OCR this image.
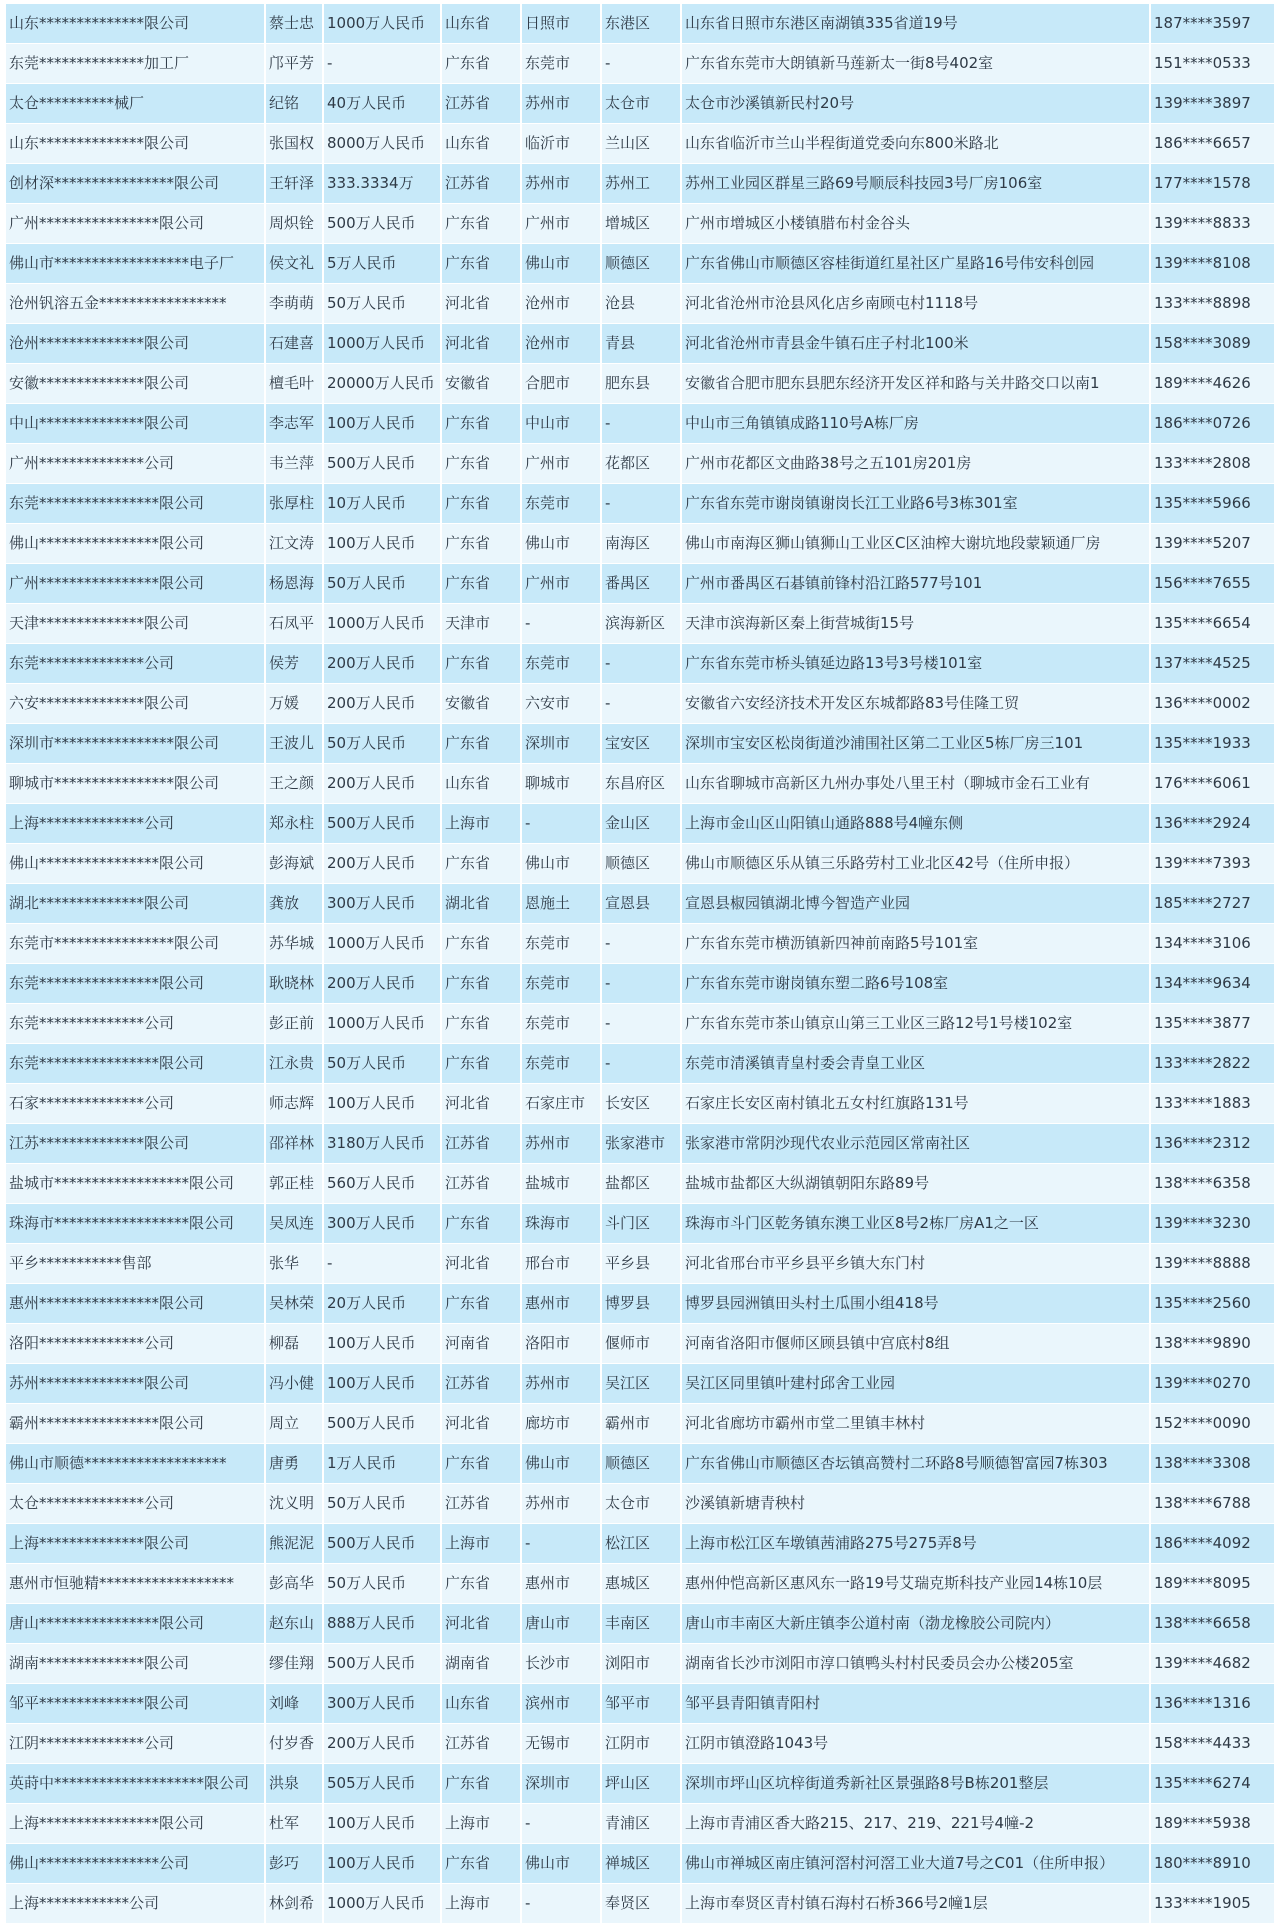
山东**************限公司	蔡士忠 1000万人民币	山东省	日照市	东港区	山东省日照市东港区南湖镇335省道19号	187****3597
东莞**************加工厂	邝平芳 -	广东省	东莞市	-	广东省东莞市大朗镇新马莲新太一街8号402室	151****0533
太仓**********械厂	纪铭	40万人民币	江苏省	苏州市	太仓市	太仓市沙溪镇新民村20号	139****3897
山东**************限公司	张国权 8000万人民币	山东省	临沂市	兰山区	山东省临沂市兰山半程街道党委向东800米路北	186****6657
创材深****************限公司	王轩泽 333.3334万	江苏省	苏州市	苏州工	苏州工业园区群星三路69号顺辰科技园3号厂房106室	177****1578
广州****************限公司	周炽铨 500万人民币	广东省	广州市	增城区	广州市增城区小楼镇腊布村金谷头	139****8833
佛山市******************电子厂	侯文礼 5万人民币	广东省	佛山市	顺德区	广东省佛山市顺德区容桂街道红星社区广星路16号伟安科创园	139****8108
沧州钒溶五金*****************	李萌萌 50万人民币	河北省	沧州市	沧县	河北省沧州市沧县风化店乡南顾屯村1118号	133****8898
沧州**************限公司	石建喜 1000万人民币	河北省	沧州市	青县	河北省沧州市青县金牛镇石庄子村北100米	158****3089
安徽**************限公司	檀毛叶 20000万人民币 安徽省	合肥市	肥东县	安徽省合肥市肥东县肥东经济开发区祥和路与关井路交口以南1	189****4626
中山**************限公司	李志军 100万人民币	广东省	中山市	-	中山市三角镇镇成路110号A栋厂房	186****0726
广州**************公司	韦兰萍 500万人民币	广东省	广州市	花都区	广州市花都区文曲路38号之五101房201房	133****2808
东莞****************限公司	张厚柱 10万人民币	广东省	东莞市	-	广东省东莞市谢岗镇谢岗长江工业路6号3栋301室	135****5966
佛山****************限公司	江文涛 100万人民币	广东省	佛山市	南海区	佛山市南海区狮山镇狮山工业区C区油榨大谢坑地段蒙颖通厂房	139****5207
广州****************限公司	杨恩海 50万人民币	广东省	广州市	番禺区	广州市番禺区石碁镇前锋村沿江路577号101	156****7655
天津**************限公司	石凤平 1000万人民币	天津市	-	滨海新区	天津市滨海新区秦上街营城街15号	135****6654
东莞**************公司	侯芳	200万人民币	广东省	东莞市	-	广东省东莞市桥头镇延边路13号3号楼101室	137****4525
六安**************限公司	万媛	200万人民币	安徽省	六安市	-	安徽省六安经济技术开发区东城都路83号佳隆工贸	136****0002
深圳市****************限公司	王波儿 50万人民币	广东省	深圳市	宝安区	深圳市宝安区松岗街道沙浦围社区第二工业区5栋厂房三101	135****1933
聊城市****************限公司	王之颜 200万人民币	山东省	聊城市	东昌府区	山东省聊城市高新区九州办事处八里王村（聊城市金石工业有	176****6061
上海**************公司	郑永柱 500万人民币	上海市	-	金山区	上海市金山区山阳镇山通路888号4幢东侧	136****2924
佛山****************限公司	彭海斌 200万人民币	广东省	佛山市	顺德区	佛山市顺德区乐从镇三乐路劳村工业北区42号（住所申报）	139****7393
湖北**************限公司	龚放	300万人民币	湖北省	恩施土	宣恩县	宣恩县椒园镇湖北博今智造产业园	185****2727
东莞市****************限公司	苏华城 1000万人民币	广东省	东莞市	-	广东省东莞市横沥镇新四神前南路5号101室	134****3106
东莞****************限公司	耿晓林 200万人民币	广东省	东莞市	-	广东省东莞市谢岗镇东塑二路6号108室	134****9634
东莞**************公司	彭正前 1000万人民币	广东省	东莞市	-	广东省东莞市茶山镇京山第三工业区三路12号1号楼102室	135****3877
东莞****************限公司	江永贵 50万人民币	广东省	东莞市	-	东莞市清溪镇青皇村委会青皇工业区	133****2822
石家**************公司	师志辉 100万人民币	河北省	石家庄市	长安区	石家庄长安区南村镇北五女村红旗路131号	133****1883
江苏**************限公司	邵祥林 3180万人民币	江苏省	苏州市	张家港市	张家港市常阴沙现代农业示范园区常南社区	136****2312
盐城市******************限公司	郭正桂 560万人民币	江苏省	盐城市	盐都区	盐城市盐都区大纵湖镇朝阳东路89号	138****6358
珠海市******************限公司	吴凤连 300万人民币	广东省	珠海市	斗门区	珠海市斗门区乾务镇东澳工业区8号2栋厂房A1之一区	139****3230
平乡***********售部	张华	-	河北省	邢台市	平乡县	河北省邢台市平乡县平乡镇大东门村	139****8888
惠州****************限公司	吴林荣 20万人民币	广东省	惠州市	博罗县	博罗县园洲镇田头村土瓜围小组418号	135****2560
洛阳**************公司	柳磊	100万人民币	河南省	洛阳市	偃师市	河南省洛阳市偃师区顾县镇中宫底村8组	138****9890
苏州**************限公司	冯小健 100万人民币	江苏省	苏州市	吴江区	吴江区同里镇叶建村邱舍工业园	139****0270
霸州****************限公司	周立	500万人民币	河北省	廊坊市	霸州市	河北省廊坊市霸州市堂二里镇丰林村	152****0090
佛山市顺德*******************	唐勇	1万人民币	广东省	佛山市	顺德区	广东省佛山市顺德区杏坛镇高赞村二环路8号顺德智富园7栋303	138****3308
太仓**************公司	沈义明 50万人民币	江苏省	苏州市	太仓市	沙溪镇新塘青秧村	138****6788
上海**************限公司	熊泥泥 500万人民币	上海市	-	松江区	上海市松江区车墩镇茜浦路275号275弄8号	186****4092
惠州市恒驰精******************	彭高华 50万人民币	广东省	惠州市	惠城区	惠州仲恺高新区惠风东一路19号艾瑞克斯科技产业园14栋10层	189****8095
唐山****************限公司	赵东山 888万人民币	河北省	唐山市	丰南区	唐山市丰南区大新庄镇李公道村南（渤龙橡胶公司院内）	138****6658
湖南**************限公司	缪佳翔 500万人民币	湖南省	长沙市	浏阳市	湖南省长沙市浏阳市淳口镇鸭头村村民委员会办公楼205室	139****4682
邹平**************限公司	刘峰	300万人民币	山东省	滨州市	邹平市	邹平县青阳镇青阳村	136****1316
江阴**************公司	付岁香 200万人民币	江苏省	无锡市	江阴市	江阴市镇澄路1043号	158****4433
英莳中********************限公司	洪泉	505万人民币	广东省	深圳市	坪山区	深圳市坪山区坑梓街道秀新社区景强路8号B栋201整层	135****6274
上海****************限公司	杜军	100万人民币	上海市	-	青浦区	上海市青浦区香大路215、217、219、221号4幢-2	189****5938
佛山****************公司	彭巧	100万人民币	广东省	佛山市	禅城区	佛山市禅城区南庄镇河滘村河滘工业大道7号之C01（住所申报）	180****8910
上海************公司	林剑希 1000万人民币	上海市	-	奉贤区	上海市奉贤区青村镇石海村石桥366号2幢1层	133****1905
